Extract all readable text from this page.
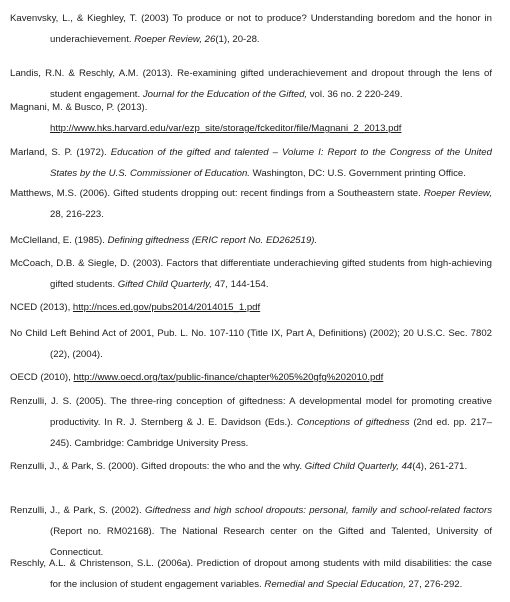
Kavenvsky, L., & Kieghley, T. (2003) To produce or not to produce? Understanding boredom and the honor in underachievement. Roeper Review, 26(1), 20-28.
Landis, R.N. & Reschly, A.M. (2013). Re-examining gifted underachievement and dropout through the lens of student engagement. Journal for the Education of the Gifted, vol. 36 no. 2 220-249.
Magnani, M. & Busco, P. (2013).
http://www.hks.harvard.edu/var/ezp_site/storage/fckeditor/file/Magnani_2_2013.pdf
Marland, S. P. (1972). Education of the gifted and talented – Volume I: Report to the Congress of the United States by the U.S. Commissioner of Education. Washington, DC: U.S. Government printing Office.
Matthews, M.S. (2006). Gifted students dropping out: recent findings from a Southeastern state. Roeper Review, 28, 216-223.
McClelland, E. (1985). Defining giftedness (ERIC report No. ED262519).
McCoach, D.B. & Siegle, D. (2003). Factors that differentiate underachieving gifted students from high-achieving gifted students. Gifted Child Quarterly, 47, 144-154.
NCED (2013), http://nces.ed.gov/pubs2014/2014015_1.pdf
No Child Left Behind Act of 2001, Pub. L. No. 107-110 (Title IX, Part A, Definitions) (2002); 20 U.S.C. Sec. 7802 (22), (2004).
OECD (2010), http://www.oecd.org/tax/public-finance/chapter%205%20gfg%202010.pdf
Renzulli, J. S. (2005). The three-ring conception of giftedness: A developmental model for promoting creative productivity. In R. J. Sternberg & J. E. Davidson (Eds.). Conceptions of giftedness (2nd ed. pp. 217–245). Cambridge: Cambridge University Press.
Renzulli, J., & Park, S. (2000). Gifted dropouts: the who and the why. Gifted Child Quarterly, 44(4), 261-271.
Renzulli, J., & Park, S. (2002). Giftedness and high school dropouts: personal, family and school-related factors (Report no. RM02168). The National Research center on the Gifted and Talented, University of Connecticut.
Reschly, A.L. & Christenson, S.L. (2006a). Prediction of dropout among students with mild disabilities: the case for the inclusion of student engagement variables. Remedial and Special Education, 27, 276-292.
